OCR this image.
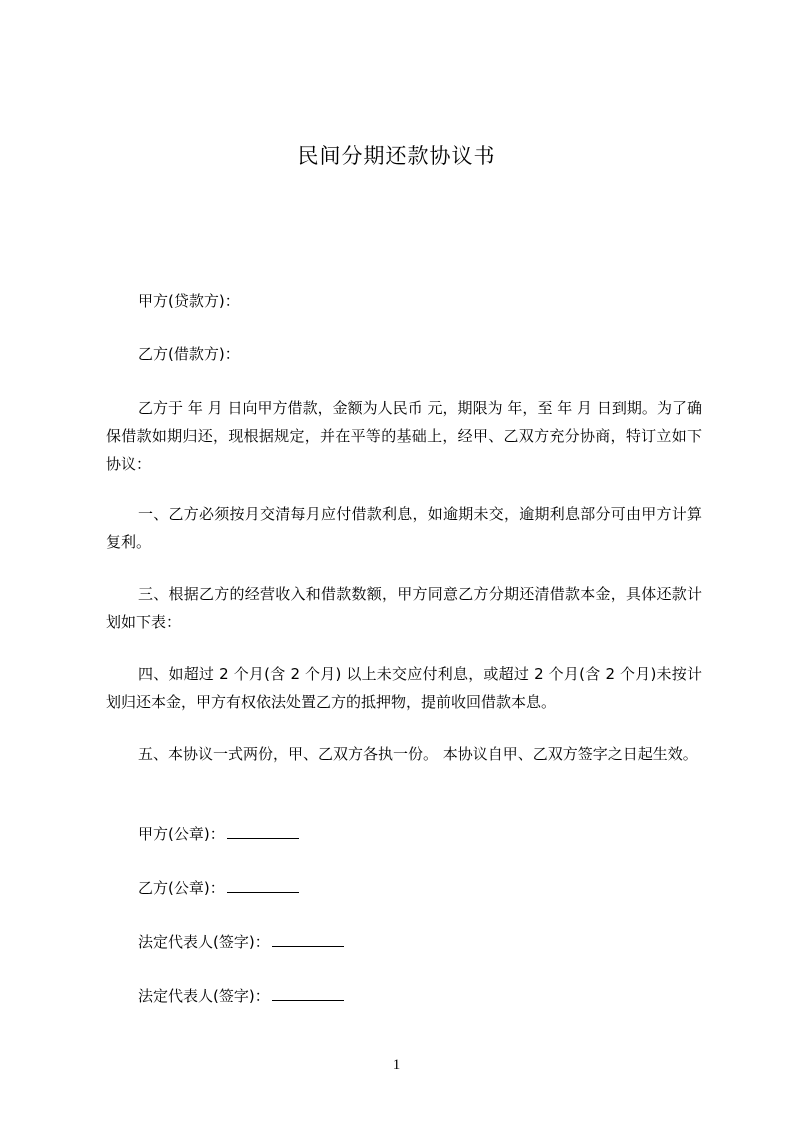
民间分期还款协议书
甲方(贷款方)：
乙方(借款方)：
乙方于 年 月 日向甲方借款，金额为人民币 元，期限为 年，至 年 月 日到期。为了确保借款如期归还，现根据规定，并在平等的基础上，经甲、乙双方充分协商，特订立如下协议：
一、乙方必须按月交清每月应付借款利息，如逾期未交，逾期利息部分可由甲方计算复利。
三、根据乙方的经营收入和借款数额，甲方同意乙方分期还清借款本金，具体还款计划如下表：
四、如超过 2 个月(含 2 个月) 以上未交应付利息，或超过 2 个月(含 2 个月)未按计划归还本金，甲方有权依法处置乙方的抵押物，提前收回借款本息。
五、本协议一式两份，甲、乙双方各执一份。 本协议自甲、乙双方签字之日起生效。
甲方(公章)：
乙方(公章)：
法定代表人(签字)：
法定代表人(签字)：
1
